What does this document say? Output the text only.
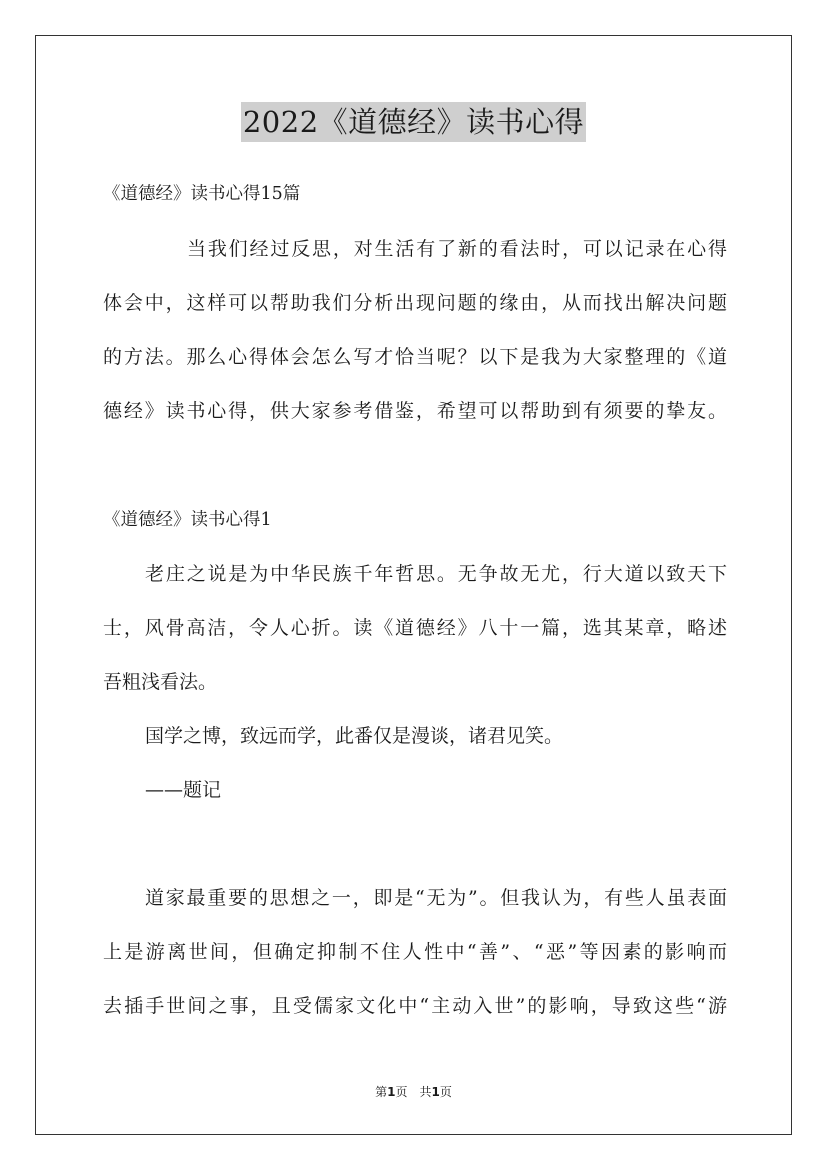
2022《道德经》读书心得
《道德经》读书心得15篇
当我们经过反思，对生活有了新的看法时，可以记录在心得
体会中，这样可以帮助我们分析出现问题的缘由，从而找出解决问题
的方法。那么心得体会怎么写才恰当呢？以下是我为大家整理的《道
德经》读书心得，供大家参考借鉴，希望可以帮助到有须要的挚友。
《道德经》读书心得1
老庄之说是为中华民族千年哲思。无争故无尤，行大道以致天下
士，风骨高洁，令人心折。读《道德经》八十一篇，选其某章，略述
吾粗浅看法。
国学之博，致远而学，此番仅是漫谈，诸君见笑。
——题记
道家最重要的思想之一，即是“无为”。但我认为，有些人虽表面
上是游离世间，但确定抑制不住人性中“善”、“恶”等因素的影响而
去插手世间之事，且受儒家文化中“主动入世”的影响，导致这些“游
第1页 共1页
